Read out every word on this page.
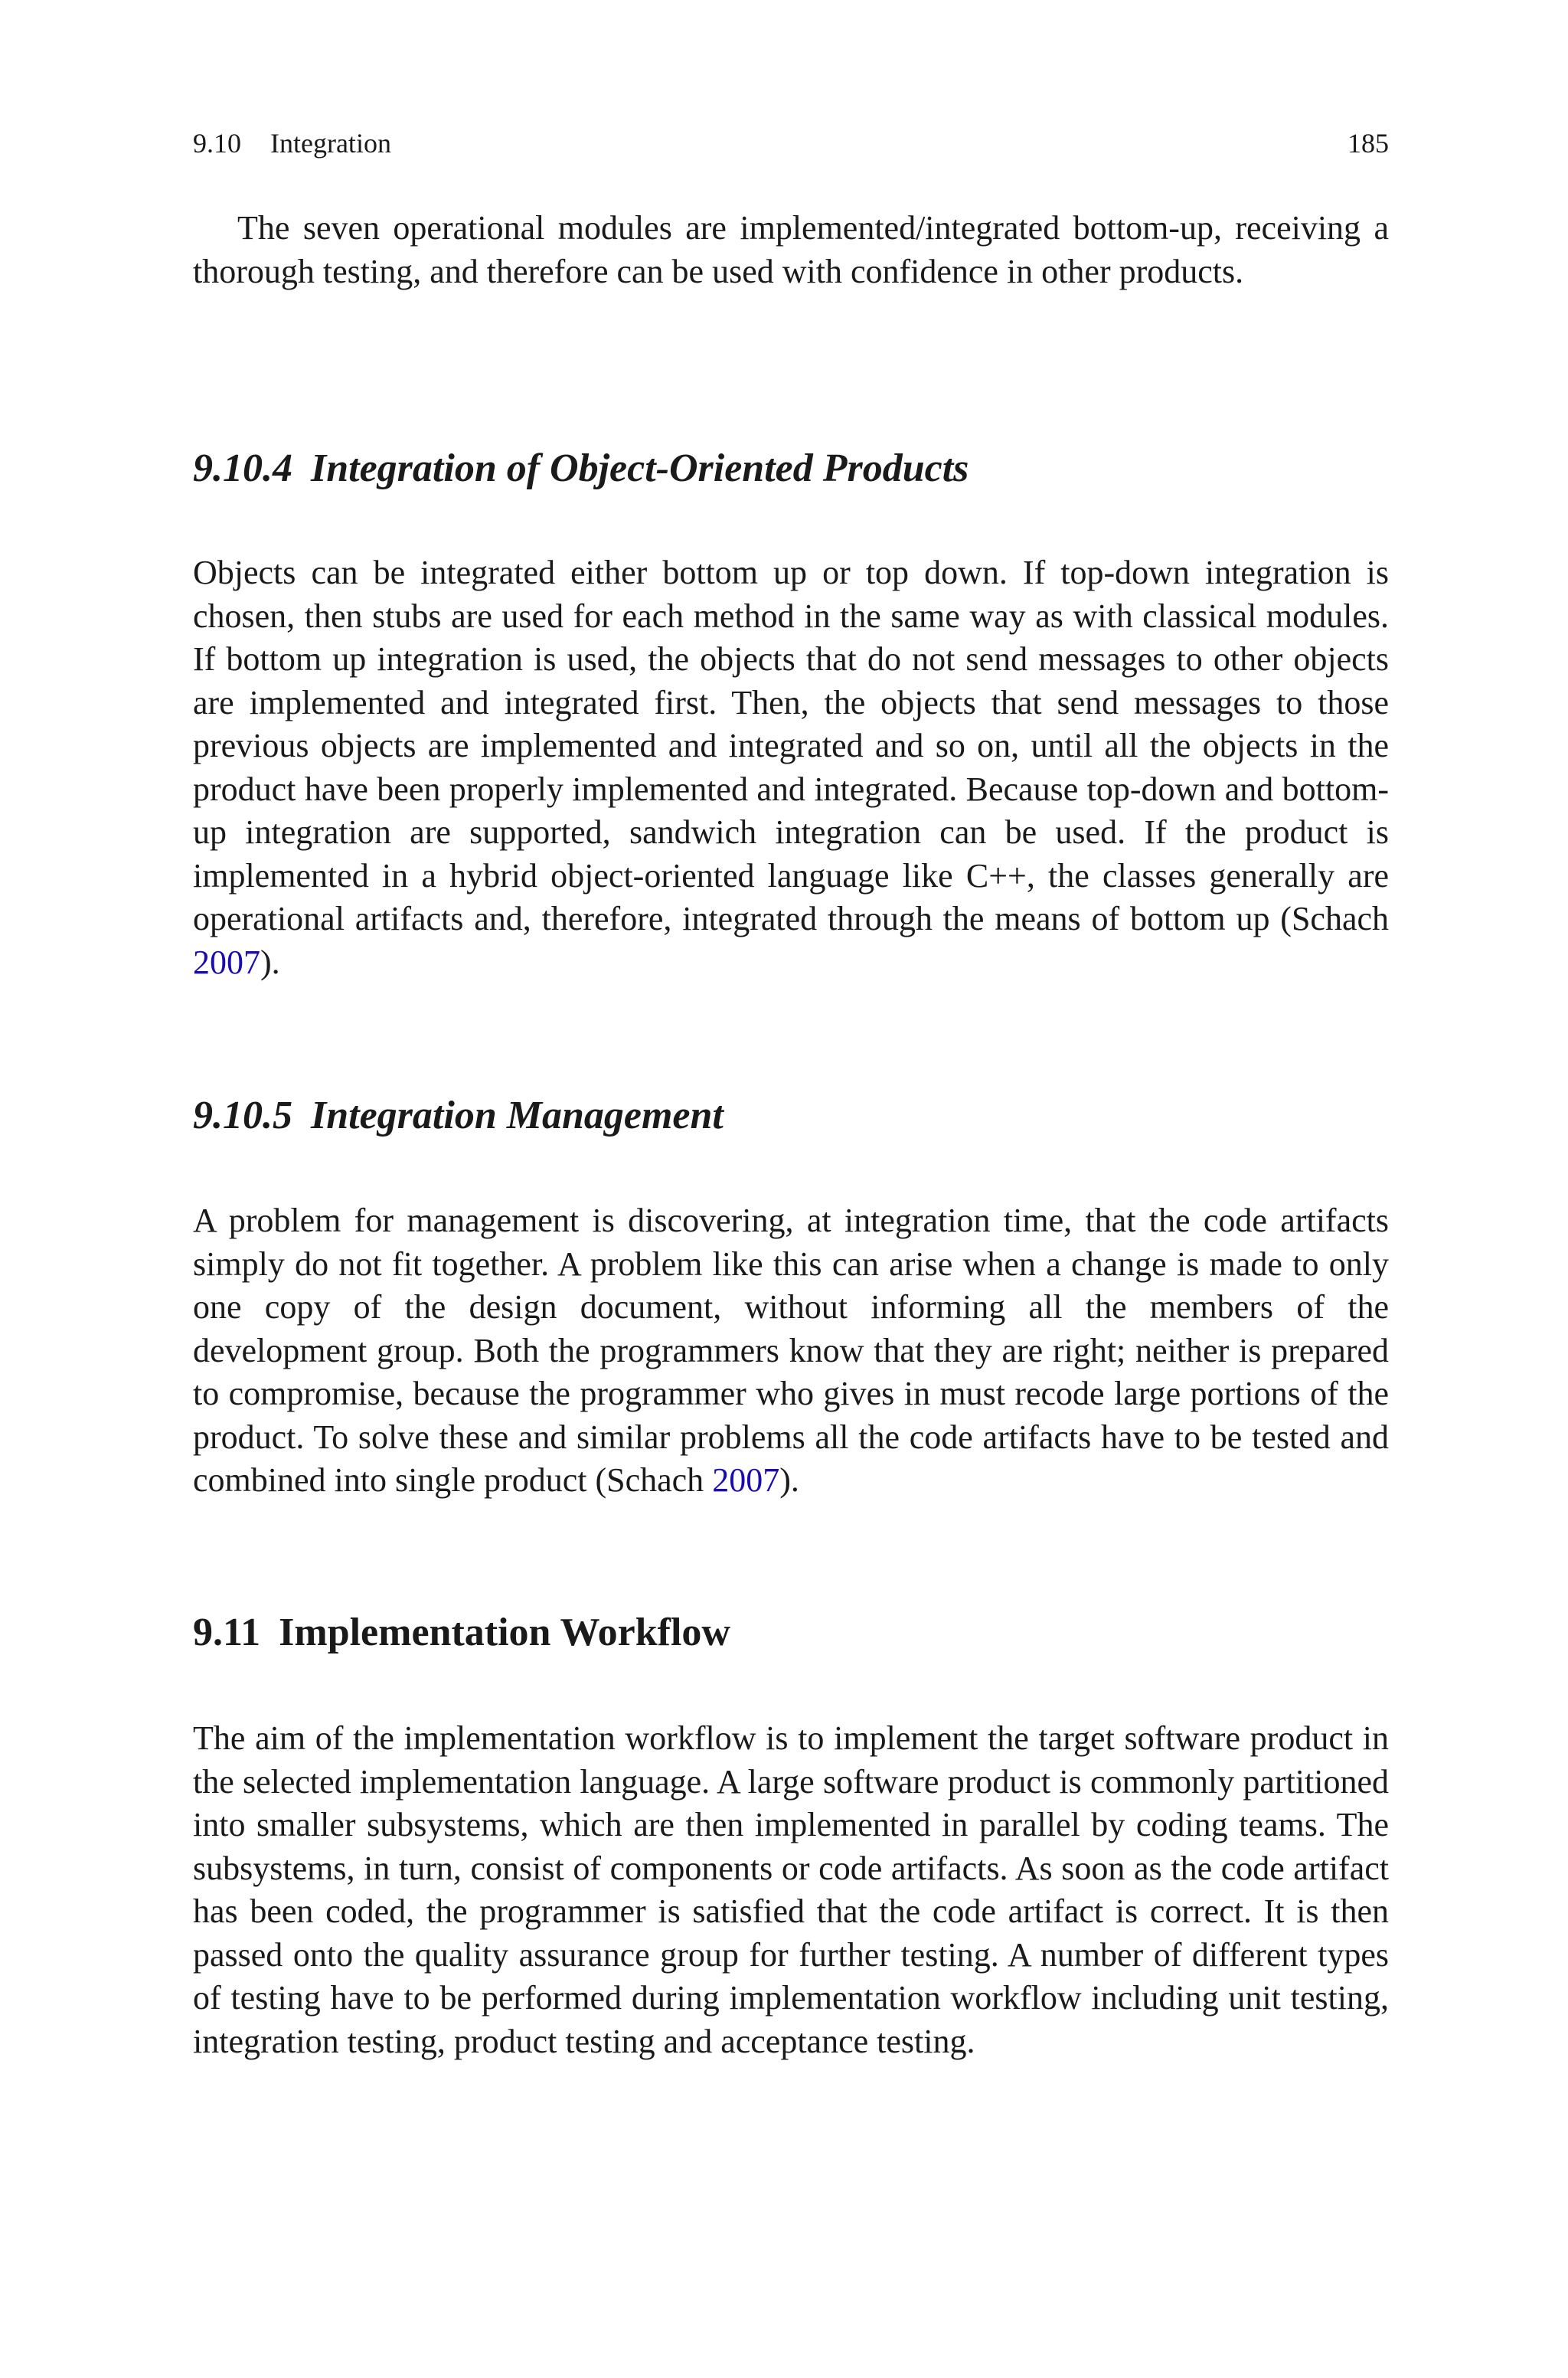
9.10 Integration	185

The seven operational modules are implemented/integrated bottom-up, receiving a thorough testing, and therefore can be used with confidence in other products.

9.10.4 Integration of Object-Oriented Products

Objects can be integrated either bottom up or top down. If top-down integration is chosen, then stubs are used for each method in the same way as with classical modules. If bottom up integration is used, the objects that do not send messages to other objects are implemented and integrated first. Then, the objects that send messages to those previous objects are implemented and integrated and so on, until all the objects in the product have been properly implemented and integrated. Because top-down and bottom-up integration are supported, sandwich integration can be used. If the product is implemented in a hybrid object-oriented language like C++, the classes generally are operational artifacts and, therefore, integrated through the means of bottom up (Schach 2007).

9.10.5 Integration Management

A problem for management is discovering, at integration time, that the code artifacts simply do not fit together. A problem like this can arise when a change is made to only one copy of the design document, without informing all the members of the development group. Both the programmers know that they are right; neither is prepared to compromise, because the programmer who gives in must recode large portions of the product. To solve these and similar problems all the code artifacts have to be tested and combined into single product (Schach 2007).

9.11 Implementation Workflow

The aim of the implementation workflow is to implement the target software product in the selected implementation language. A large software product is commonly partitioned into smaller subsystems, which are then implemented in parallel by coding teams. The subsystems, in turn, consist of components or code artifacts. As soon as the code artifact has been coded, the programmer is satisfied that the code artifact is correct. It is then passed onto the quality assurance group for further testing. A number of different types of testing have to be performed during implementation workflow including unit testing, integration testing, product testing and acceptance testing.
